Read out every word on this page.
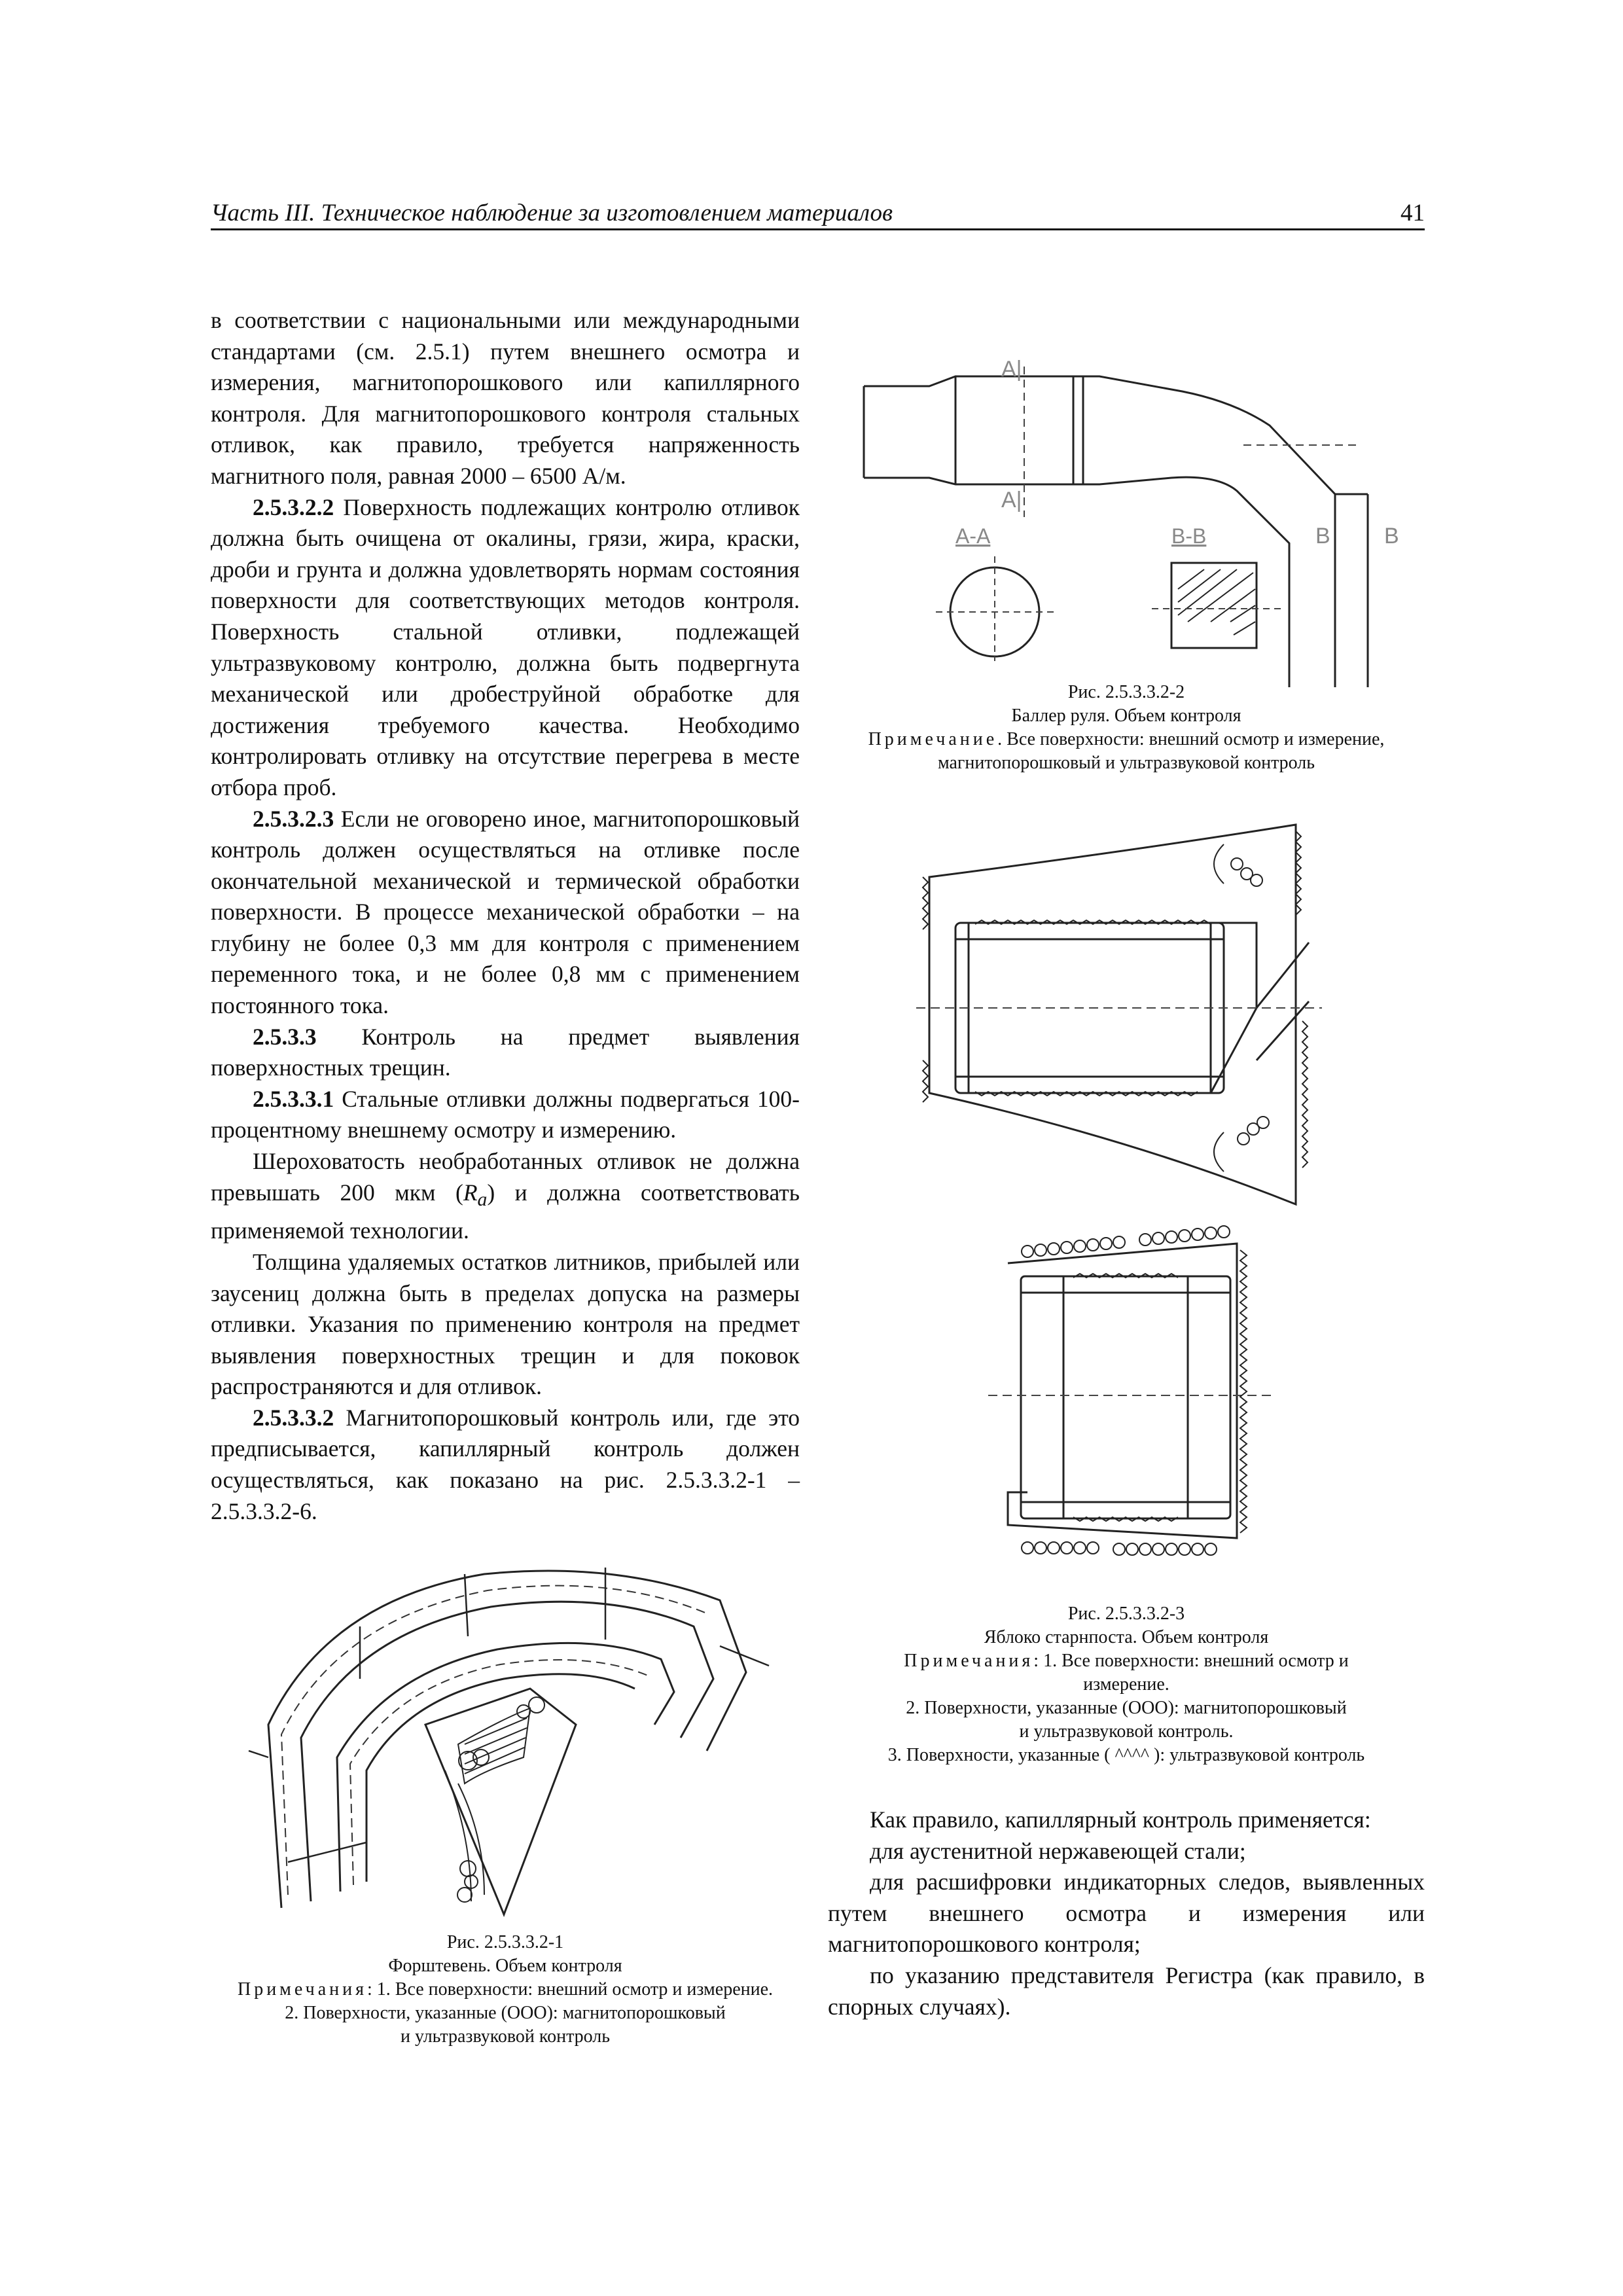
Часть III. Техническое наблюдение за изготовлением материалов	41

в соответствии с национальными или международными стандартами (см. 2.5.1) путем внешнего осмотра и измерения, магнитопорошкового или капиллярного контроля. Для магнитопорошкового контроля стальных отливок, как правило, требуется напряженность магнитного поля, равная 2000 – 6500 А/м.

2.5.3.2.2 Поверхность подлежащих контролю отливок должна быть очищена от окалины, грязи, жира, краски, дроби и грунта и должна удовлетворять нормам состояния поверхности для соответствующих методов контроля. Поверхность стальной отливки, подлежащей ультразвуковому контролю, должна быть подвергнута механической или дробеструйной обработке для достижения требуемого качества. Необходимо контролировать отливку на отсутствие перегрева в месте отбора проб.

2.5.3.2.3 Если не оговорено иное, магнитопорошковый контроль должен осуществляться на отливке после окончательной механической и термической обработки поверхности. В процессе механической обработки – на глубину не более 0,3 мм для контроля с применением переменного тока, и не более 0,8 мм с применением постоянного тока.

2.5.3.3 Контроль на предмет выявления поверхностных трещин.

2.5.3.3.1 Стальные отливки должны подвергаться 100-процентному внешнему осмотру и измерению.

Шероховатость необработанных отливок не должна превышать 200 мкм $(R_a)$ и должна соответствовать применяемой технологии.

Толщина удаляемых остатков литников, прибылей или заусениц должна быть в пределах допуска на размеры отливки. Указания по применению контроля на предмет выявления поверхностных трещин и для поковок распространяются и для отливок.

2.5.3.3.2 Магнитопорошковый контроль или, где это предписывается, капиллярный контроль должен осуществляться, как показано на рис. 2.5.3.3.2-1 – 2.5.3.3.2-6.

Рис. 2.5.3.3.2-1

Форштевень. Объем контроля

Примечания: 1. Все поверхности: внешний осмотр и измерение.

2. Поверхности, указанные (ООО): магнитопорошковый

и ультразвуковой контроль

A|
A|
A-A	B-B	B B

Рис. 2.5.3.3.2-2

Баллер руля. Объем контроля

Примечание. Все поверхности: внешний осмотр и измерение,

магнитопорошковый и ультразвуковой контроль

Рис. 2.5.3.3.2-3

Яблоко старнпоста. Объем контроля

Примечания: 1. Все поверхности: внешний осмотр и

измерение.

2. Поверхности, указанные (ООО): магнитопорошковый

и ультразвуковой контроль.

3. Поверхности, указанные ( ^^^^ ): ультразвуковой контроль

Как правило, капиллярный контроль применяется:

для аустенитной нержавеющей стали;

для расшифровки индикаторных следов, выявленных путем внешнего осмотра и измерения или магнитопорошкового контроля;

по указанию представителя Регистра (как правило, в спорных случаях).
